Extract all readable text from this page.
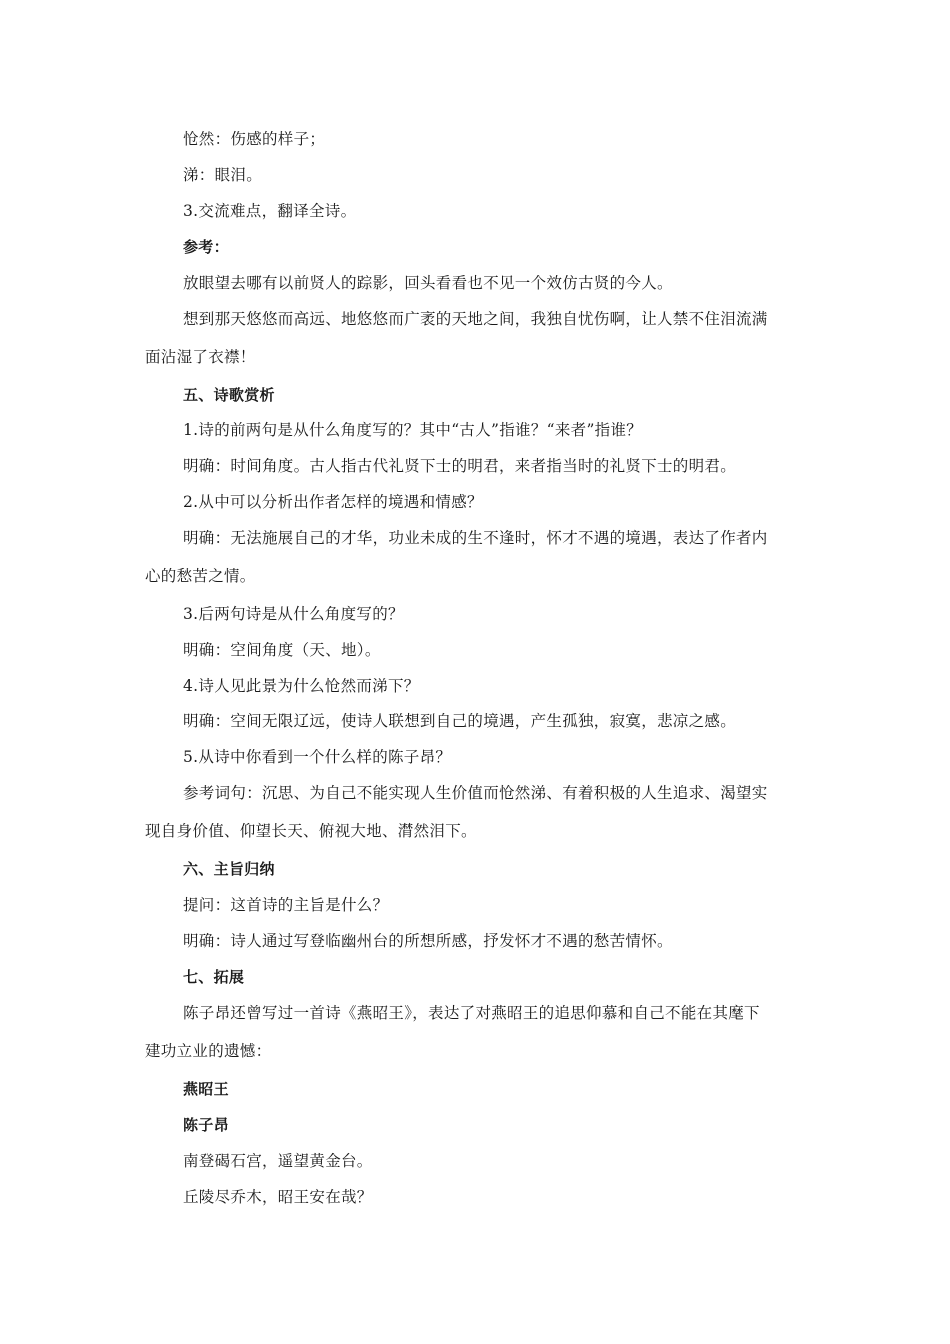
怆然：伤感的样子；
涕：眼泪。
3.交流难点，翻译全诗。
参考：
放眼望去哪有以前贤人的踪影，回头看看也不见一个效仿古贤的今人。
想到那天悠悠而高远、地悠悠而广袤的天地之间，我独自忧伤啊，让人禁不住泪流满
面沾湿了衣襟！
五、诗歌赏析
1.诗的前两句是从什么角度写的？其中“古人”指谁？“来者”指谁？
明确：时间角度。古人指古代礼贤下士的明君，来者指当时的礼贤下士的明君。
2.从中可以分析出作者怎样的境遇和情感？
明确：无法施展自己的才华，功业未成的生不逢时，怀才不遇的境遇，表达了作者内
心的愁苦之情。
3.后两句诗是从什么角度写的？
明确：空间角度（天、地）。
4.诗人见此景为什么怆然而涕下？
明确：空间无限辽远，使诗人联想到自己的境遇，产生孤独，寂寞，悲凉之感。
5.从诗中你看到一个什么样的陈子昂？
参考词句：沉思、为自己不能实现人生价值而怆然涕、有着积极的人生追求、渴望实
现自身价值、仰望长天、俯视大地、潸然泪下。
六、主旨归纳
提问：这首诗的主旨是什么？
明确：诗人通过写登临幽州台的所想所感，抒发怀才不遇的愁苦情怀。
七、拓展
陈子昂还曾写过一首诗《燕昭王》，表达了对燕昭王的追思仰慕和自己不能在其麾下
建功立业的遗憾：
燕昭王
陈子昂
南登碣石宫，遥望黄金台。
丘陵尽乔木，昭王安在哉？
